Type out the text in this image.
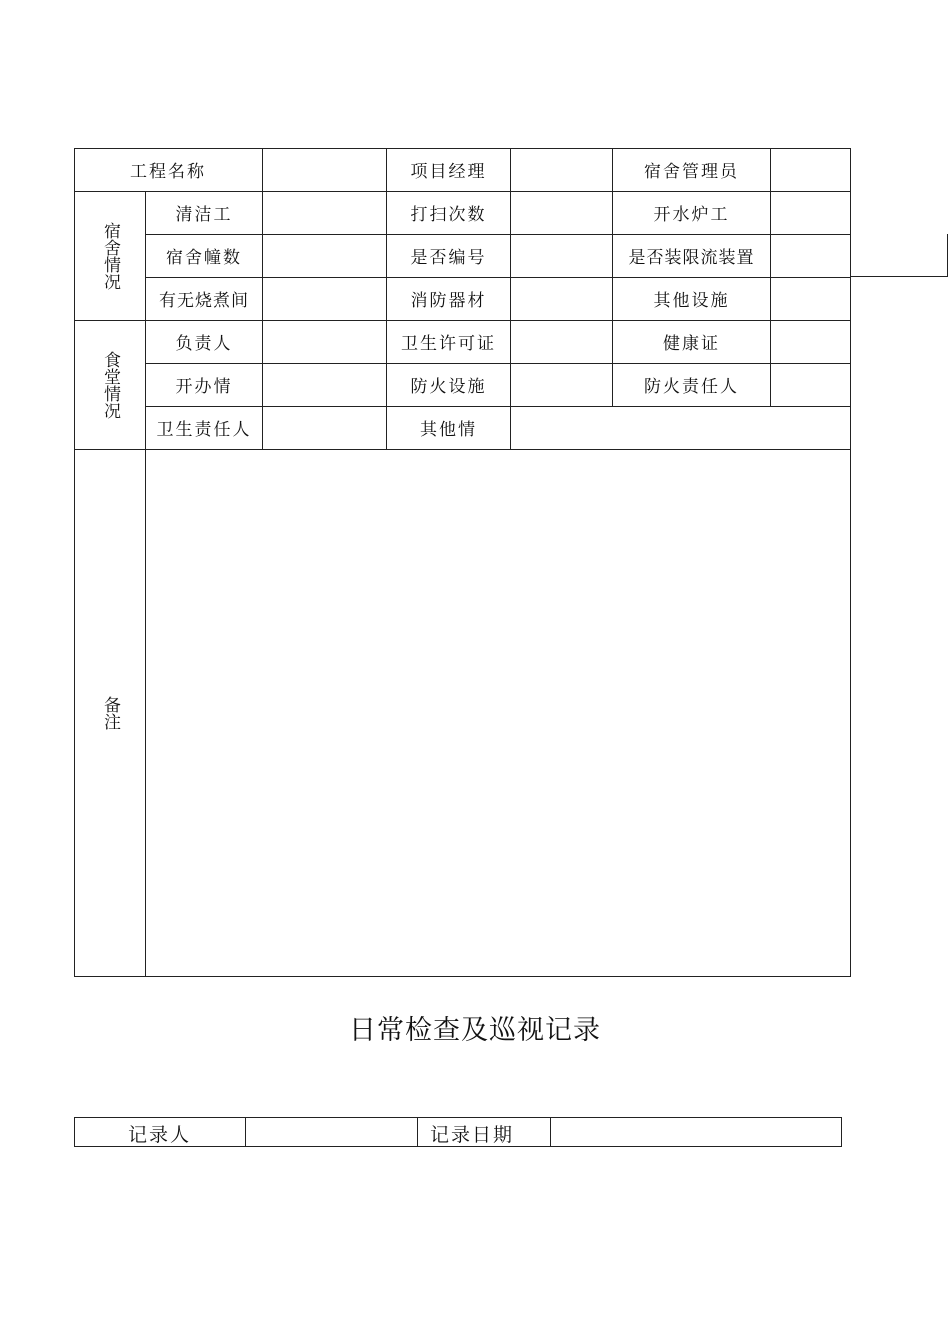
工程名称	项目经理	宿舍管理员
宿舍情况
清洁工	打扫次数	开水炉工
宿舍幢数	是否编号	是否装限流装置
有无烧煮间	消防器材	其他设施
食堂情况
负责人	卫生许可证	健康证
开办情	防火设施	防火责任人
卫生责任人	其他情
备注
日常检查及巡视记录
记录人	记录日期
